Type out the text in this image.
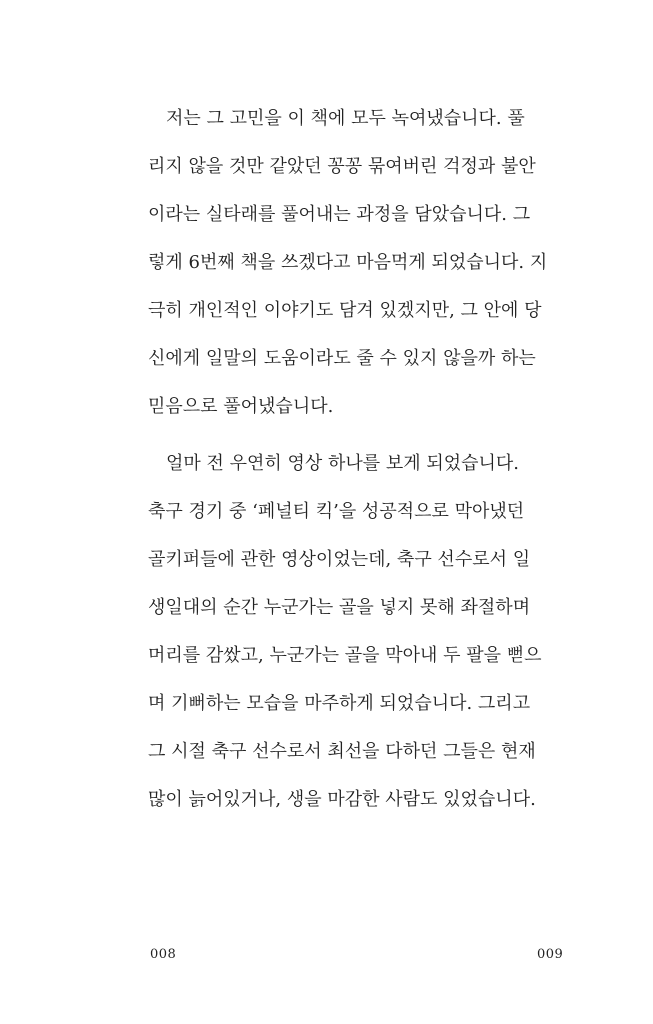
　저는 그 고민을 이 책에 모두 녹여냈습니다. 풀
리지 않을 것만 같았던 꽁꽁 묶여버린 걱정과 불안
이라는 실타래를 풀어내는 과정을 담았습니다. 그
렇게 6번째 책을 쓰겠다고 마음먹게 되었습니다. 지
극히 개인적인 이야기도 담겨 있겠지만, 그 안에 당
신에게 일말의 도움이라도 줄 수 있지 않을까 하는
믿음으로 풀어냈습니다.
　얼마 전 우연히 영상 하나를 보게 되었습니다.
축구 경기 중 ‘페널티 킥’을 성공적으로 막아냈던
골키퍼들에 관한 영상이었는데, 축구 선수로서 일
생일대의 순간 누군가는 골을 넣지 못해 좌절하며
머리를 감쌌고, 누군가는 골을 막아내 두 팔을 뻗으
며 기뻐하는 모습을 마주하게 되었습니다. 그리고
그 시절 축구 선수로서 최선을 다하던 그들은 현재
많이 늙어있거나, 생을 마감한 사람도 있었습니다.
008	009
